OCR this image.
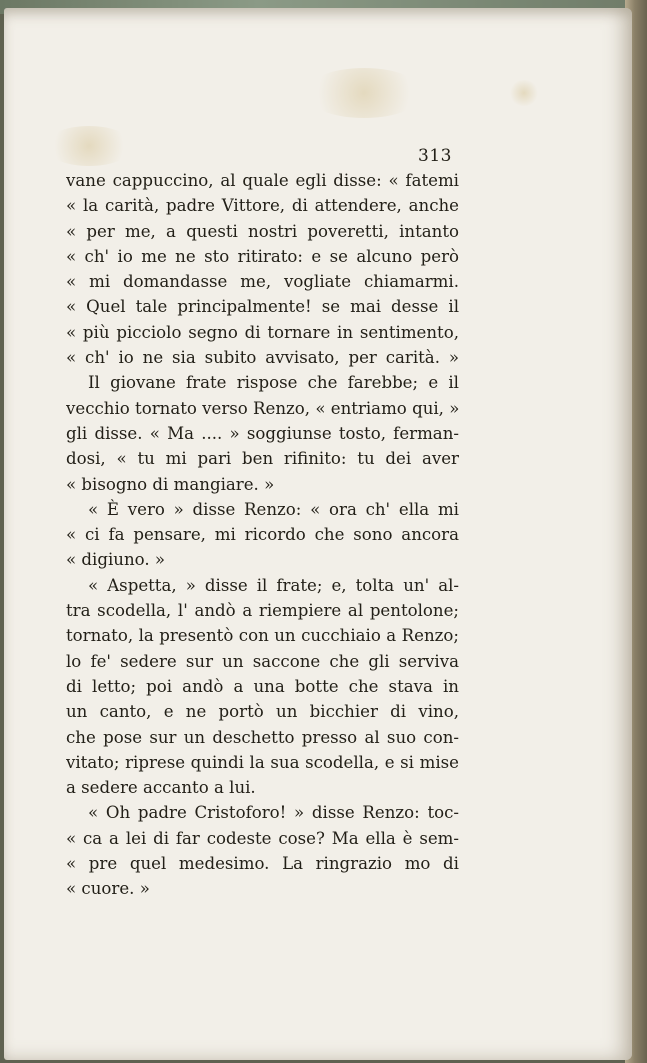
313
vane cappuccino, al quale egli disse: « fatemi
« la carità, padre Vittore, di attendere, anche
« per me, a questi nostri poveretti, intanto
« ch' io me ne sto ritirato: e se alcuno però
« mi domandasse me, vogliate chiamarmi.
« Quel tale principalmente! se mai desse il
« più picciolo segno di tornare in sentimento,
« ch' io ne sia subito avvisato, per carità. »
Il giovane frate rispose che farebbe; e il
vecchio tornato verso Renzo, « entriamo qui, »
gli disse. « Ma .... » soggiunse tosto, ferman-
dosi, « tu mi pari ben rifinito: tu dei aver
« bisogno di mangiare. »
« È vero » disse Renzo: « ora ch' ella mi
« ci fa pensare, mi ricordo che sono ancora
« digiuno. »
« Aspetta, » disse il frate; e, tolta un' al-
tra scodella, l' andò a riempiere al pentolone;
tornato, la presentò con un cucchiaio a Renzo;
lo fe' sedere sur un saccone che gli serviva
di letto; poi andò a una botte che stava in
un canto, e ne portò un bicchier di vino,
che pose sur un deschetto presso al suo con-
vitato; riprese quindi la sua scodella, e si mise
a sedere accanto a lui.
« Oh padre Cristoforo! » disse Renzo: toc-
« ca a lei di far codeste cose? Ma ella è sem-
« pre quel medesimo. La ringrazio mo di
« cuore. »
